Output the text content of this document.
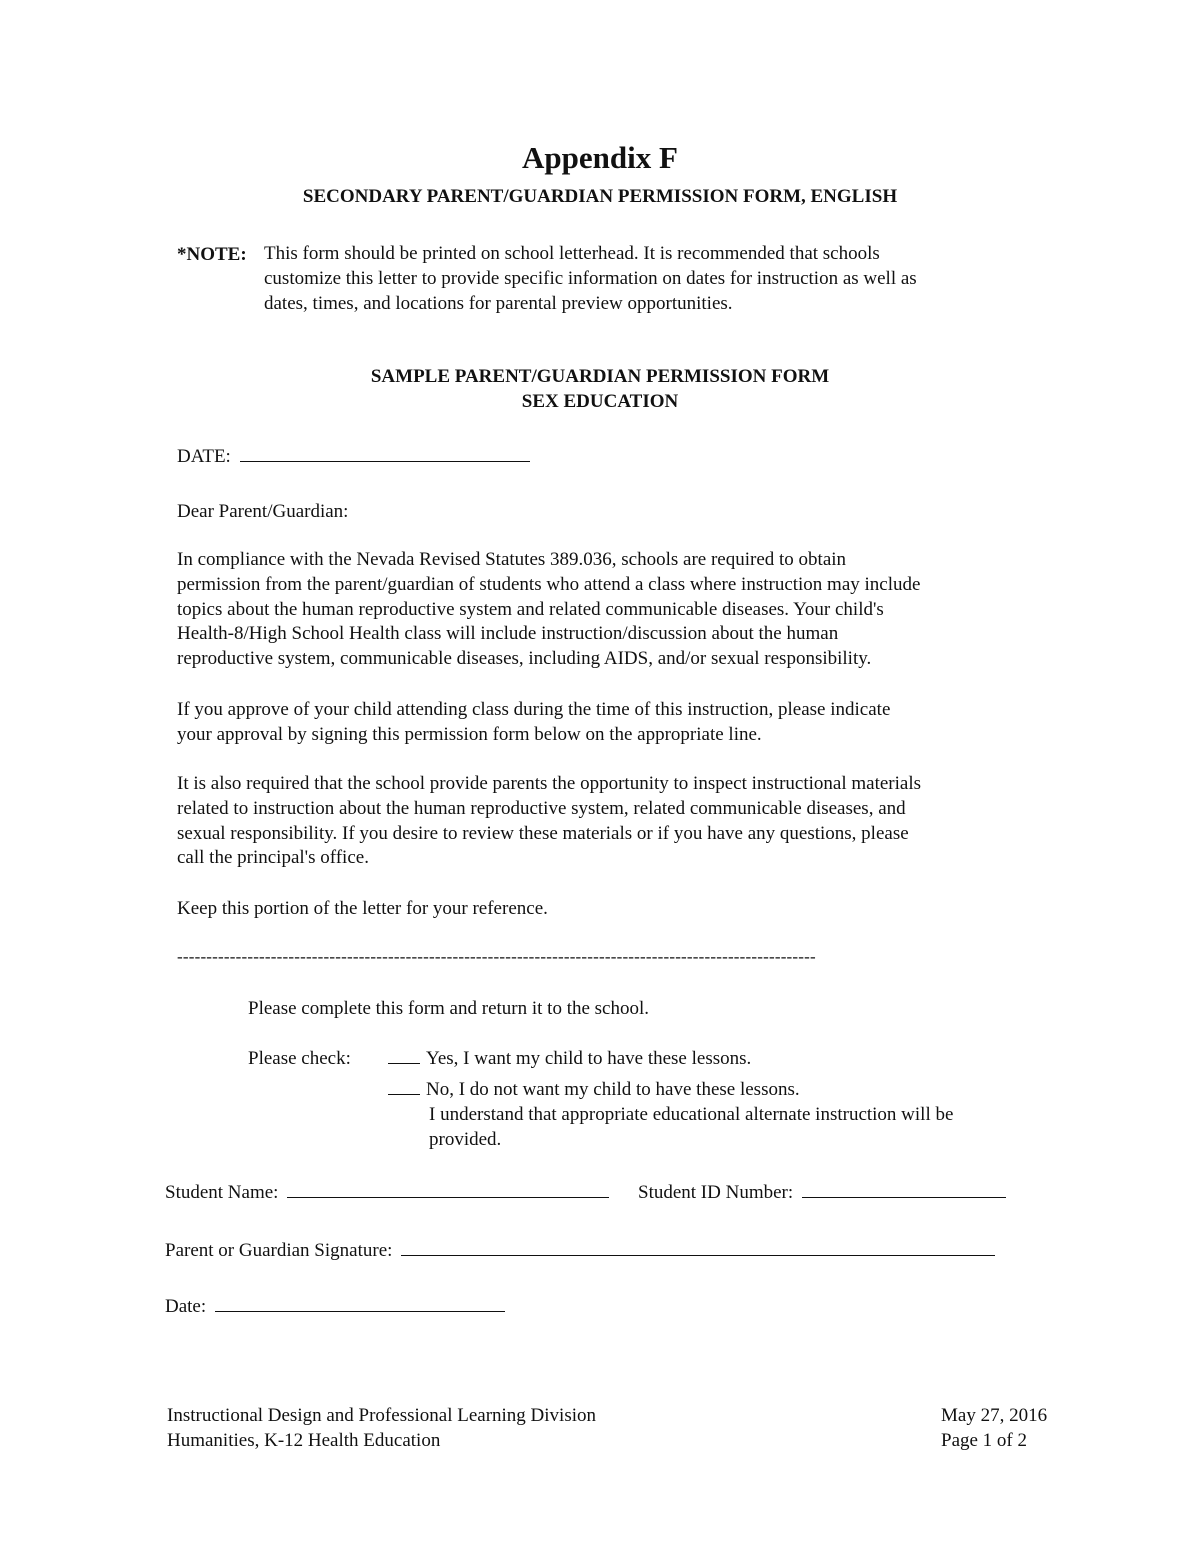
Appendix F
SECONDARY PARENT/GUARDIAN PERMISSION FORM, ENGLISH
*NOTE: This form should be printed on school letterhead. It is recommended that schools
customize this letter to provide specific information on dates for instruction as well as
dates, times, and locations for parental preview opportunities.
SAMPLE PARENT/GUARDIAN PERMISSION FORM
SEX EDUCATION
DATE:
Dear Parent/Guardian:
In compliance with the Nevada Revised Statutes 389.036, schools are required to obtain
permission from the parent/guardian of students who attend a class where instruction may include
topics about the human reproductive system and related communicable diseases. Your child's
Health-8/High School Health class will include instruction/discussion about the human
reproductive system, communicable diseases, including AIDS, and/or sexual responsibility.
If you approve of your child attending class during the time of this instruction, please indicate
your approval by signing this permission form below on the appropriate line.
It is also required that the school provide parents the opportunity to inspect instructional materials
related to instruction about the human reproductive system, related communicable diseases, and
sexual responsibility. If you desire to review these materials or if you have any questions, please
call the principal's office.
Keep this portion of the letter for your reference.
-------------------------------------------------------------------------------------------------------------
Please complete this form and return it to the school.
Please check:	Yes, I want my child to have these lessons.
No, I do not want my child to have these lessons.
I understand that appropriate educational alternate instruction will be
provided.
Student Name:	Student ID Number:
Parent or Guardian Signature:
Date:
Instructional Design and Professional Learning Division
Humanities, K-12 Health Education
May 27, 2016
Page 1 of 2
